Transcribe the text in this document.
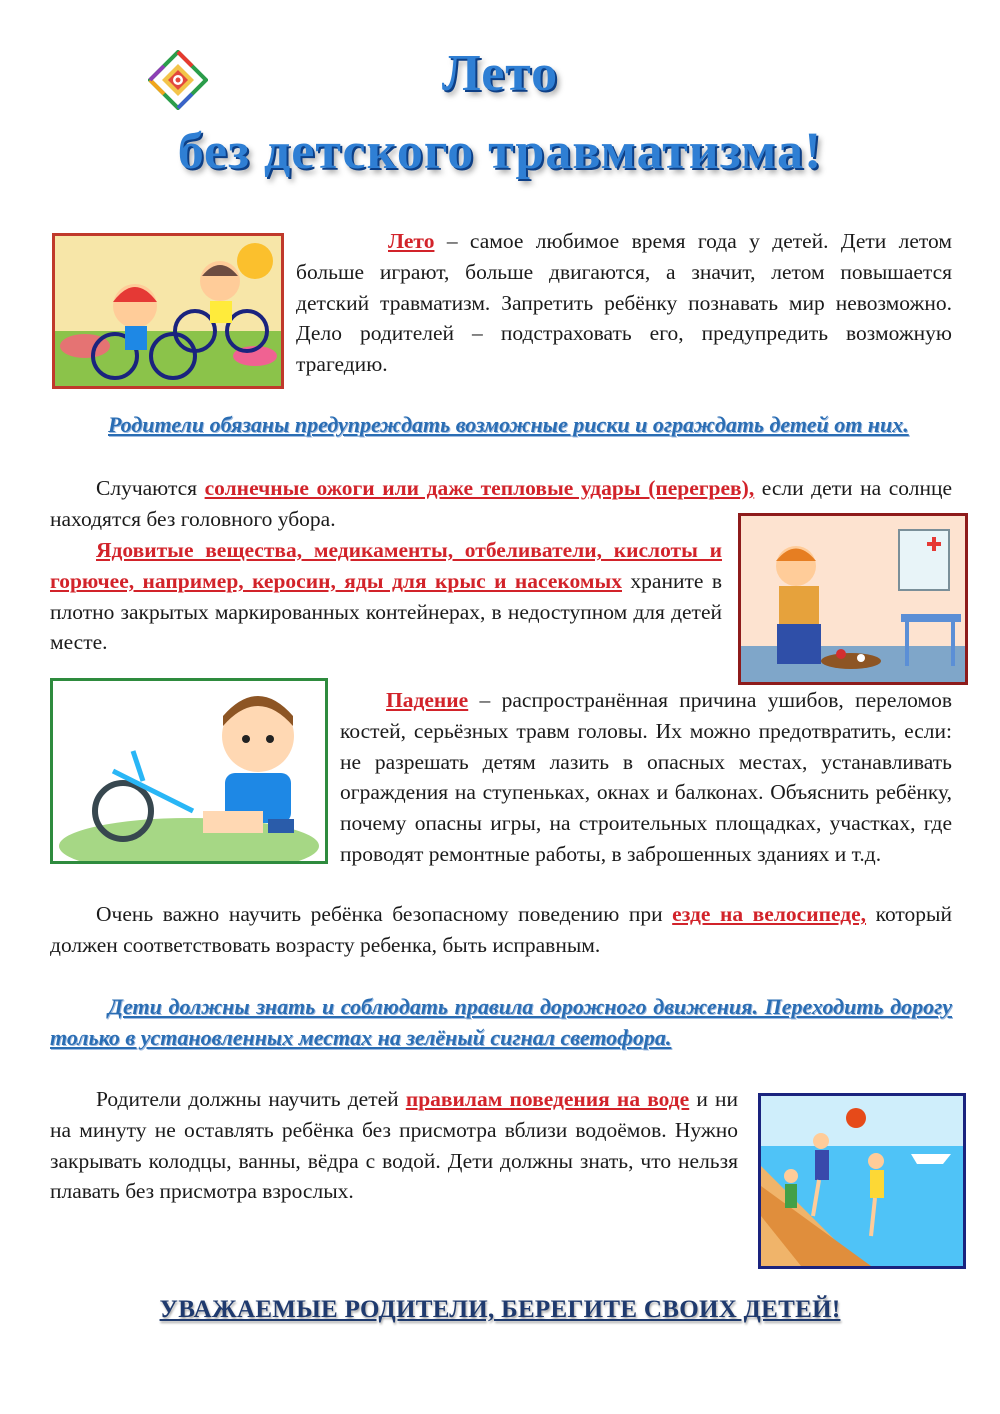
Лето
без детского травматизма!
Лето – самое любимое время года у детей. Дети летом больше играют, больше двигаются, а значит, летом повышается детский травматизм. Запретить ребёнку познавать мир невозможно. Дело родителей – подстраховать его, предупредить возможную трагедию.
Родители обязаны предупреждать возможные риски и ограждать детей от них.
Случаются солнечные ожоги или даже тепловые удары (перегрев), если дети на солнце находятся без головного убора.
Ядовитые вещества, медикаменты, отбеливатели, кислоты и горючее, например, керосин, яды для крыс и насекомых храните в плотно закрытых маркированных контейнерах, в недоступном для детей месте.
Падение – распространённая причина ушибов, переломов костей, серьёзных травм головы. Их можно предотвратить, если: не разрешать детям лазить в опасных местах, устанавливать ограждения на ступеньках, окнах и балконах. Объяснить ребёнку, почему опасны игры, на строительных площадках, участках, где проводят ремонтные работы, в заброшенных зданиях и т.д.
Очень важно научить ребёнка безопасному поведению при езде на велосипеде, который должен соответствовать возрасту ребенка, быть исправным.
Дети должны знать и соблюдать правила дорожного движения. Переходить дорогу только в установленных местах на зелёный сигнал светофора.
Родители должны научить детей правилам поведения на воде и ни на минуту не оставлять ребёнка без присмотра вблизи водоёмов. Нужно закрывать колодцы, ванны, вёдра с водой. Дети должны знать, что нельзя плавать без присмотра взрослых.
УВАЖАЕМЫЕ РОДИТЕЛИ, БЕРЕГИТЕ СВОИХ ДЕТЕЙ!
